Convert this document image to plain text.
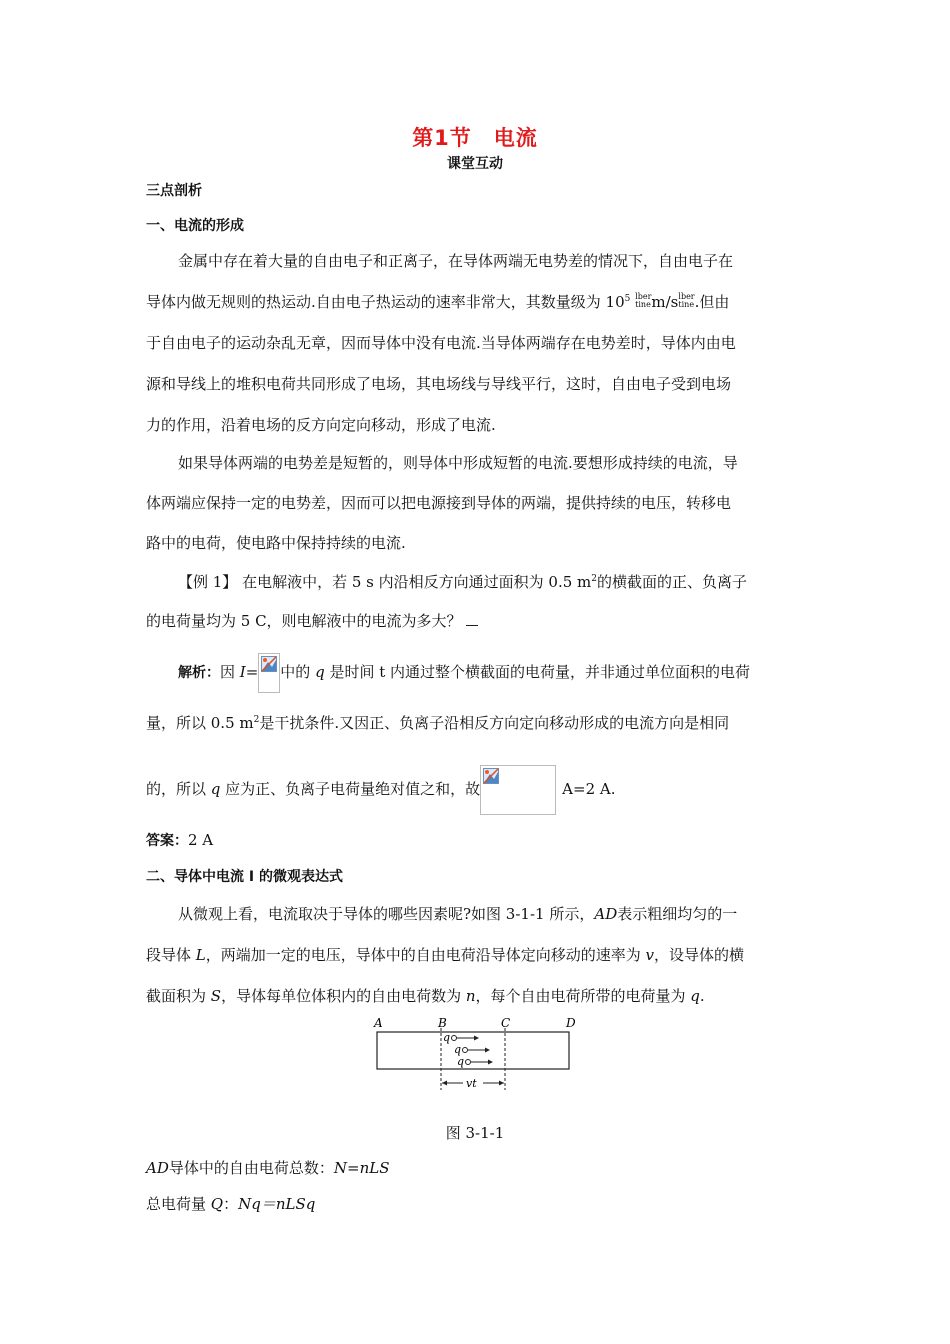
第1节　电流
课堂互动
三点剖析
一、电流的形成
金属中存在着大量的自由电子和正离子，在导体两端无电势差的情况下，自由电子在
导体内做无规则的热运动.自由电子热运动的速率非常大，其数量级为 $10^5$ lber
tinem/slber
tine.但由
于自由电子的运动杂乱无章，因而导体中没有电流.当导体两端存在电势差时，导体内由电
源和导线上的堆积电荷共同形成了电场，其电场线与导线平行，这时，自由电子受到电场
力的作用，沿着电场的反方向定向移动，形成了电流.
如果导体两端的电势差是短暂的，则导体中形成短暂的电流.要想形成持续的电流，导
体两端应保持一定的电势差，因而可以把电源接到导体的两端，提供持续的电压，转移电
路中的电荷，使电路中保持持续的电流.
【例 1】 在电解液中，若 5 s 内沿相反方向通过面积为 0.5 $m^2$的横截面的正、负离子
的电荷量均为 5 C，则电解液中的电流为多大？
解析：因 I= 中的 q 是时间 t 内通过整个横截面的电荷量，并非通过单位面积的电荷
量，所以 0.5 $m^2$是干扰条件.又因正、负离子沿相反方向定向移动形成的电流方向是相同
的，所以 q 应为正、负离子电荷量绝对值之和，故	A=2 A.
答案：2 A
二、导体中电流 I 的微观表达式
从微观上看，电流取决于导体的哪些因素呢?如图 3-1-1 所示，AD表示粗细均匀的一
段导体 L，两端加一定的电压，导体中的自由电荷沿导体定向移动的速率为 v，设导体的横
截面积为 S，导体每单位体积内的自由电荷数为 n，每个自由电荷所带的电荷量为 q.
A	B	C	D
q
q
q
vt
图 3-1-1
AD导体中的自由电荷总数：N=nLS
总电荷量 Q：Nq＝nLSq
